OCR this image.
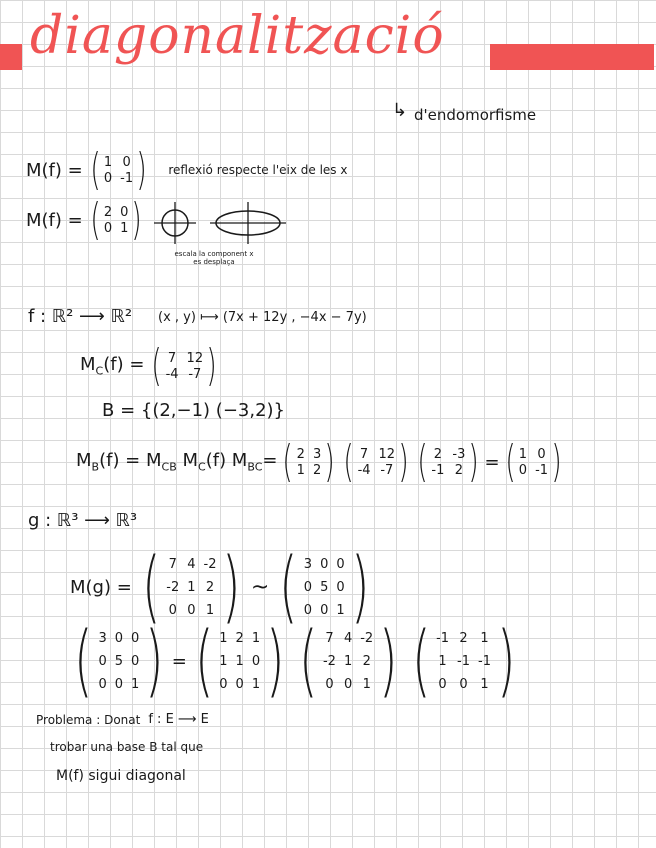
diagonalització
↳ d'endomorfisme
M(f) = ( 1 0
0 -1 ) reflexió respecte l'eix de les x
M(f) = ( 2 0
0 1 )
escala la component x es desplaça
f : ℝ² ⟶ ℝ² (x , y) ⟼ (7x + 12y , −4x − 7y)
$M_C(f)$ = ( 7 12
-4 -7 )
B = {(2,−1) (−3,2)}
$M_B(f) = M_{CB}$ $M_C(f)$ $M_{BC}=$ ( 2 3
1 2 ) ( 7 12
-4 -7 ) ( 2 -3
-1 2 ) = ( 1 0
0 -1 )
g : ℝ³ ⟶ ℝ³
M(g) = ( 7 4 -2
-2 1 2
0 0 1 ) ~ ( 3 0 0
0 5 0
0 0 1 )
( 3 0 0
0 5 0
0 0 1 ) = ( 1 2 1
1 1 0
0 0 1 ) ( 7 4 -2
-2 1 2
0 0 1 ) ( -1 2 1
1 -1 -1
0 0 1 )
Problema : Donat f : E ⟶ E
trobar una base B tal que
M(f) sigui diagonal
